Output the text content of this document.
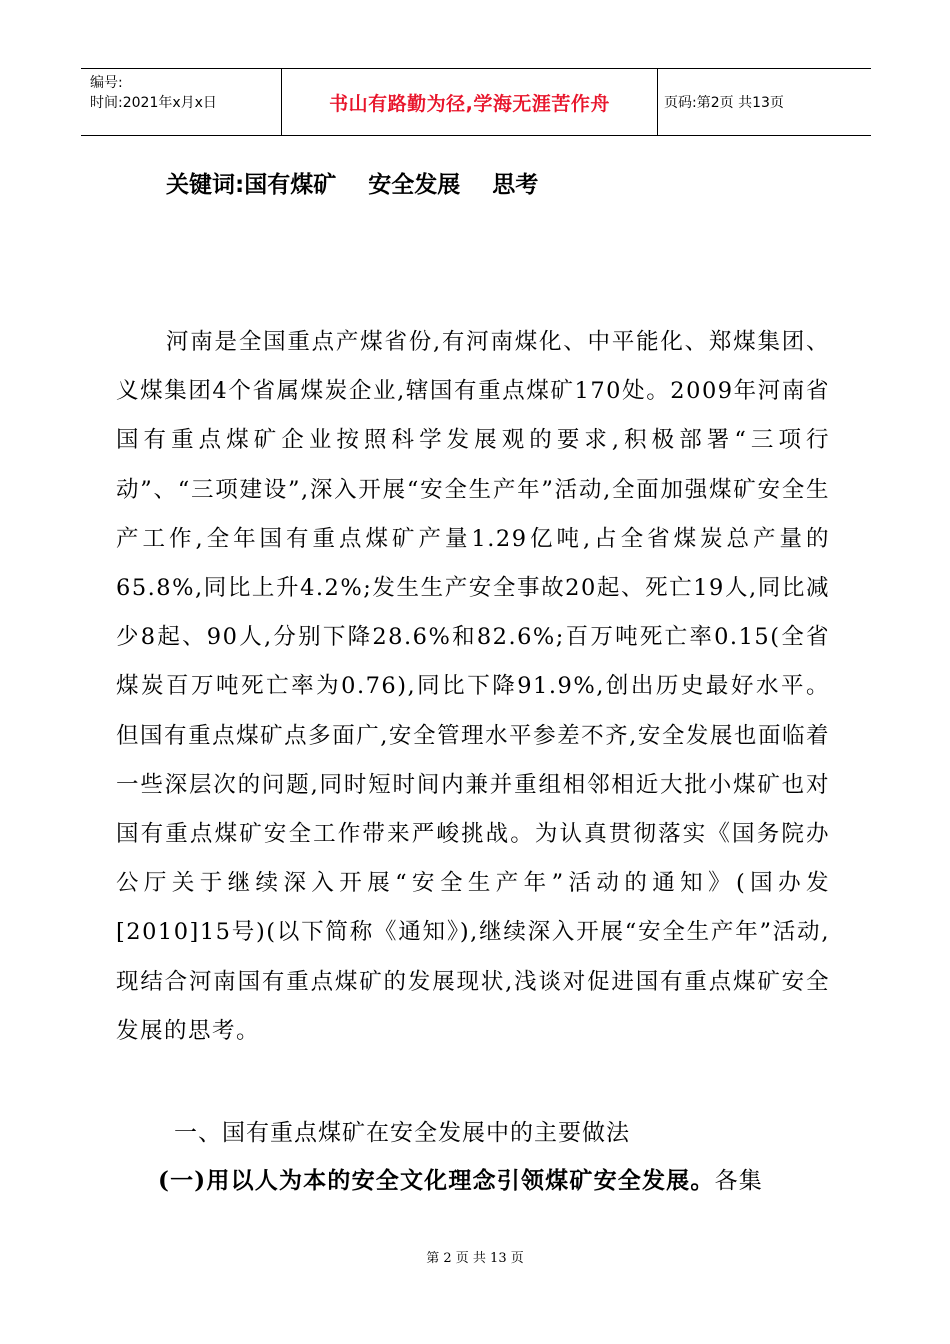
编号:
时间:2021年x月x日	书山有路勤为径,学海无涯苦作舟	页码:第2页 共13页
关键词:国有煤矿    安全发展    思考

河南是全国重点产煤省份,有河南煤化、中平能化、郑煤集团、义煤集团4个省属煤炭企业,辖国有重点煤矿170处。2009年河南省国有重点煤矿企业按照科学发展观的要求,积极部署“三项行动”、“三项建设”,深入开展“安全生产年”活动,全面加强煤矿安全生产工作,全年国有重点煤矿产量1.29亿吨,占全省煤炭总产量的65.8%,同比上升4.2%;发生生产安全事故20起、死亡19人,同比减少8起、90人,分别下降28.6%和82.6%;百万吨死亡率0.15(全省煤炭百万吨死亡率为0.76),同比下降91.9%,创出历史最好水平。但国有重点煤矿点多面广,安全管理水平参差不齐,安全发展也面临着一些深层次的问题,同时短时间内兼并重组相邻相近大批小煤矿也对国有重点煤矿安全工作带来严峻挑战。为认真贯彻落实《国务院办公厅关于继续深入开展“安全生产年”活动的通知》(国办发[2010]15号)(以下简称《通知》),继续深入开展“安全生产年”活动,现结合河南国有重点煤矿的发展现状,浅谈对促进国有重点煤矿安全发展的思考。

一、国有重点煤矿在安全发展中的主要做法
(一)用以人为本的安全文化理念引领煤矿安全发展。各集
第 2 页 共 13 页
